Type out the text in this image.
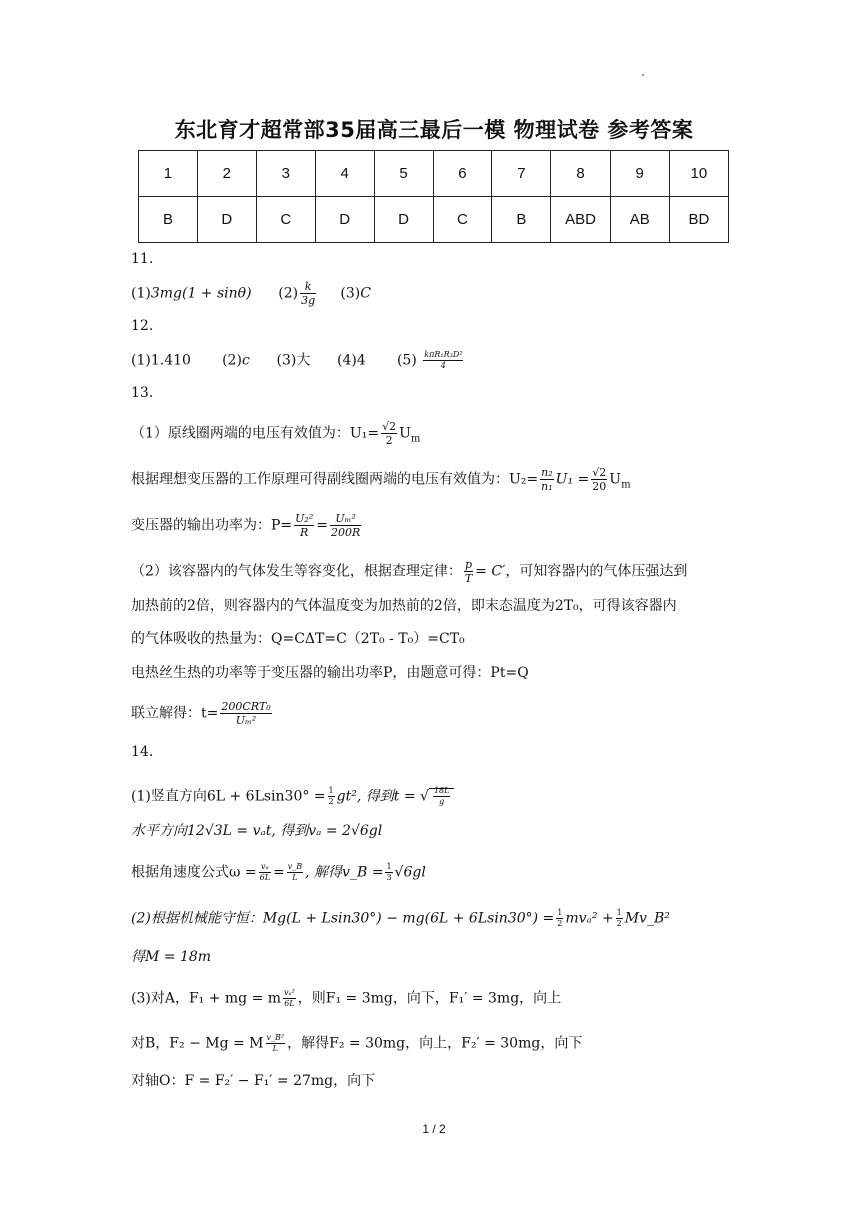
东北育才超常部35届高三最后一模 物理试卷 参考答案
1	2	3	4	5	6	7	8	9	10
B	D	C	D	D	C	B	ABD	AB	BD
11.
(1)3mg(1 + sinθ) $(2) \frac{k}{3g} (3)C$
12.
(1)1.410 (2)c (3)大 (4)4 $(5) \frac{\text{kπR₁R₃D²}}{4}$
13.
（1）原线圈两端的电压有效值为：$U_1= \frac{√2}{2} U_m$
根据理想变压器的工作原理可得副线圈两端的电压有效值为：$U_2= \frac{\text{n₂}}{\text{n₁}} U_1 = \frac{√2}{20} U_m$
变压器的输出功率为：$P= \frac{\text{U₂²}}{R} = \frac{\text{Uₘ²}}{200R}$
（2）该容器内的气体发生等容变化，根据查理定律： $\frac{p}{T} = C'$，可知容器内的气体压强达到
加热前的2倍，则容器内的气体温度变为加热前的2倍，即末态温度为2T₀，可得该容器内
的气体吸收的热量为：Q=CΔT=C（2T₀ - T₀）=CT₀
电热丝生热的功率等于变压器的输出功率P，由题意可得：Pt=Q
联立解得：$t= \frac{\text{200CRT₀}}{\text{Uₘ²}}$
14.
(1)竖直方向$6L + 6Lsin30^\circ = \frac{1}{2} gt^2$, 得到t = √ $\frac{18L}{g}$
水平方向12√3L = vₐt, 得到vₐ = 2√6gl
根据角速度公式$\omega = \frac{\text{vₐ}}{6L} = \frac{v\_B}{L}$ , 解得v_B = $\frac{1}{3} √6gl$
(2)根据机械能守恒：$Mg(L + Lsin30^\circ) - mg(6L + 6Lsin30^\circ) = \frac{1}{2} mv_a^2 + \frac{1}{2}$ Mv_B²
得M = 18m
(3)对A，F₁ + mg = m $\frac{\text{vₐ²}}{6L}$ ，则F₁ = 3mg，向下，F₁′ = 3mg，向上
对B，F₂ − Mg = M $\frac{\text{v\_B²}}{L}$ ，解得F₂ = 30mg，向上，F₂′ = 30mg，向下
对轴O：F = F₂′ − F₁′ = 27mg，向下
1 / 2
